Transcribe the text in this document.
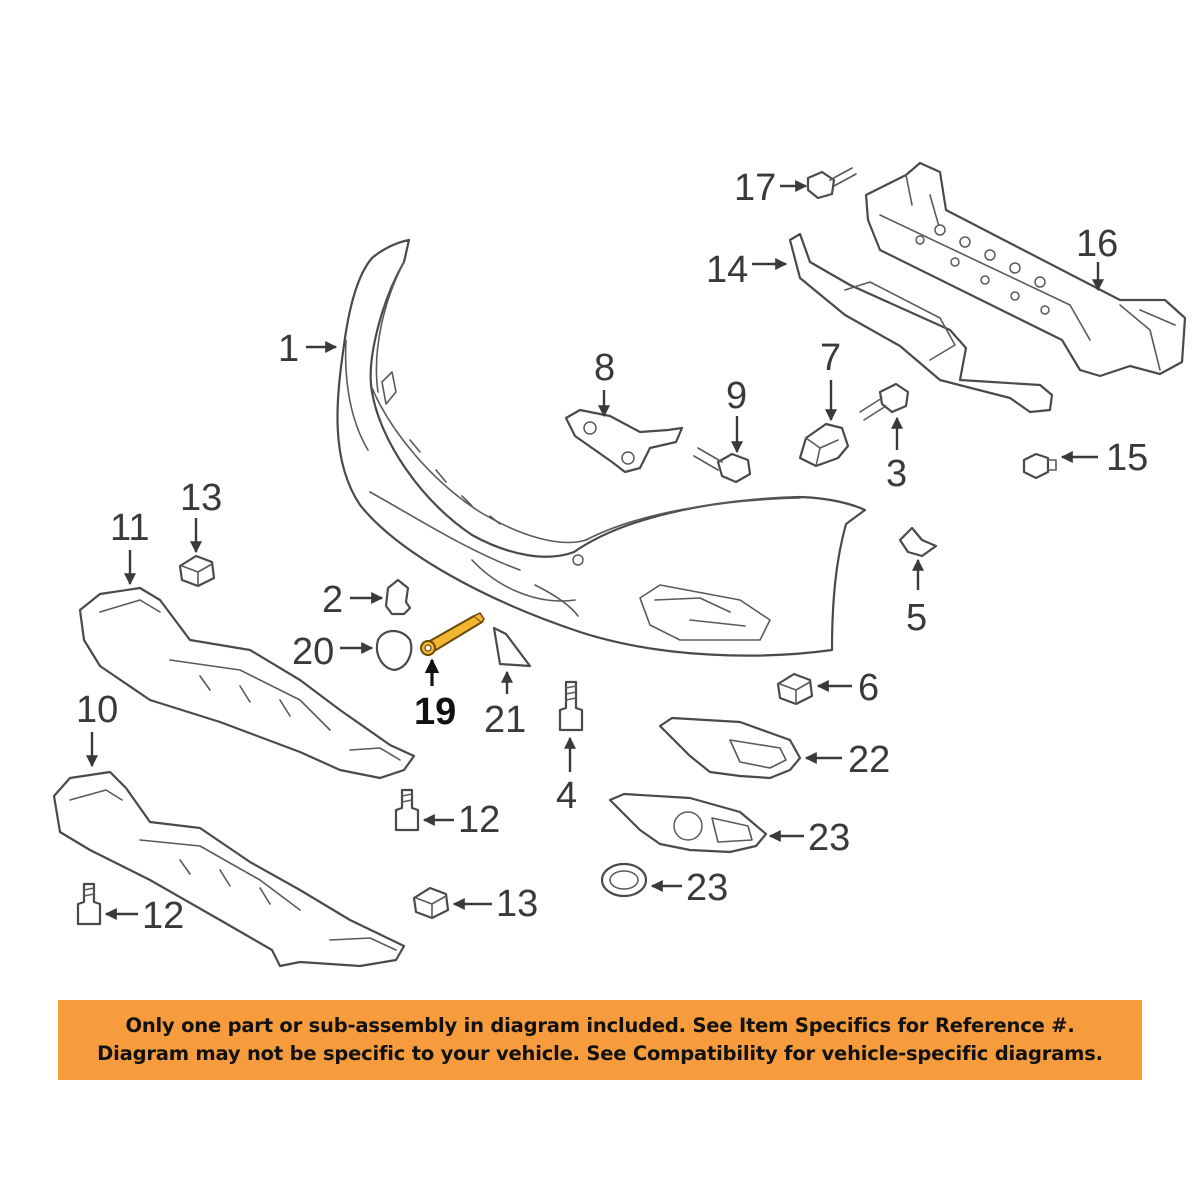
1
16
17
14
8
9
7
3	15
5
13
11
2
20
19 21
4
6
22
23
23
12
10
12	13
Only one part or sub-assembly in diagram included. See Item Specifics for Reference #.
Diagram may not be specific to your vehicle. See Compatibility for vehicle-specific diagrams.
